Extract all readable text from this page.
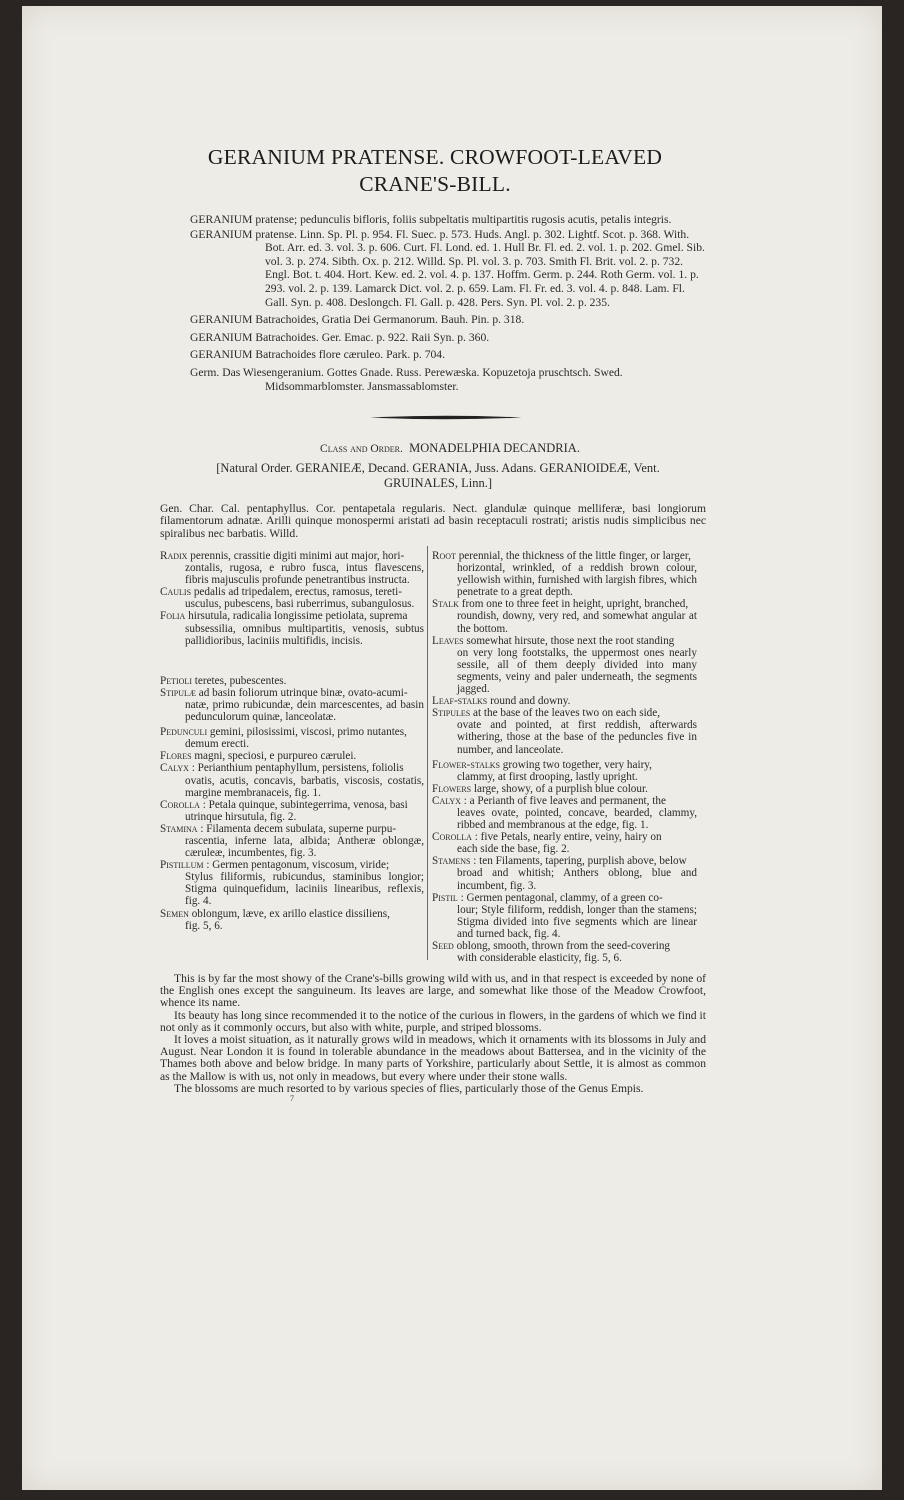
GERANIUM PRATENSE. CROWFOOT-LEAVED
CRANE'S-BILL.
GERANIUM pratense; pedunculis bifloris, foliis subpeltatis multipartitis rugosis acutis, petalis integris.
GERANIUM pratense. Linn. Sp. Pl. p. 954. Fl. Suec. p. 573. Huds. Angl. p. 302. Lightf. Scot. p. 368. With. Bot. Arr. ed. 3. vol. 3. p. 606. Curt. Fl. Lond. ed. 1. Hull Br. Fl. ed. 2. vol. 1. p. 202. Gmel. Sib. vol. 3. p. 274. Sibth. Ox. p. 212. Willd. Sp. Pl. vol. 3. p. 703. Smith Fl. Brit. vol. 2. p. 732. Engl. Bot. t. 404. Hort. Kew. ed. 2. vol. 4. p. 137. Hoffm. Germ. p. 244. Roth Germ. vol. 1. p. 293. vol. 2. p. 139. Lamarck Dict. vol. 2. p. 659. Lam. Fl. Fr. ed. 3. vol. 4. p. 848. Lam. Fl. Gall. Syn. p. 408. Deslongch. Fl. Gall. p. 428. Pers. Syn. Pl. vol. 2. p. 235.
GERANIUM Batrachoides, Gratia Dei Germanorum. Bauh. Pin. p. 318.
GERANIUM Batrachoides. Ger. Emac. p. 922. Raii Syn. p. 360.
GERANIUM Batrachoides flore cæruleo. Park. p. 704.
Germ. Das Wiesengeranium. Gottes Gnade. Russ. Perewæska. Kopuzetoja pruschtsch. Swed. Midsommarblomster. Jansmassablomster.
Class and Order. MONADELPHIA DECANDRIA.
[Natural Order. GERANIEÆ, Decand. GERANIA, Juss. Adans. GERANIOIDEÆ, Vent.
GRUINALES, Linn.]
Gen. Char. Cal. pentaphyllus. Cor. pentapetala regularis. Nect. glandulæ quinque melliferæ, basi longiorum filamentorum adnatæ. Arilli quinque monospermi aristati ad basin receptaculi rostrati; aristis nudis simplicibus nec spiralibus nec barbatis. Willd.
Radix perennis, crassitie digiti minimi aut major, hori-
zontalis, rugosa, e rubro fusca, intus flavescens, fibris majusculis profunde penetrantibus instructa.
Caulis pedalis ad tripedalem, erectus, ramosus, tereti-
usculus, pubescens, basi ruberrimus, subangulosus.
Folia hirsutula, radicalia longissime petiolata, suprema
subsessilia, omnibus multipartitis, venosis, subtus pallidioribus, laciniis multifidis, incisis.
Petioli teretes, pubescentes.
Stipulæ ad basin foliorum utrinque binæ, ovato-acumi-
natæ, primo rubicundæ, dein marcescentes, ad basin pedunculorum quinæ, lanceolatæ.
Pedunculi gemini, pilosissimi, viscosi, primo nutantes,
demum erecti.
Flores magni, speciosi, e purpureo cærulei.
Calyx : Perianthium pentaphyllum, persistens, foliolis
ovatis, acutis, concavis, barbatis, viscosis, costatis, margine membranaceis, fig. 1.
Corolla : Petala quinque, subintegerrima, venosa, basi
utrinque hirsutula, fig. 2.
Stamina : Filamenta decem subulata, superne purpu-
rascentia, inferne lata, albida; Antheræ oblongæ, cæruleæ, incumbentes, fig. 3.
Pistillum : Germen pentagonum, viscosum, viride;
Stylus filiformis, rubicundus, staminibus longior; Stigma quinquefidum, laciniis linearibus, reflexis, fig. 4.
Semen oblongum, læve, ex arillo elastice dissiliens,
fig. 5, 6.
Root perennial, the thickness of the little finger, or larger,
horizontal, wrinkled, of a reddish brown colour, yellowish within, furnished with largish fibres, which penetrate to a great depth.
Stalk from one to three feet in height, upright, branched,
roundish, downy, very red, and somewhat angular at the bottom.
Leaves somewhat hirsute, those next the root standing
on very long footstalks, the uppermost ones nearly sessile, all of them deeply divided into many segments, veiny and paler underneath, the segments jagged.
Leaf-stalks round and downy.
Stipules at the base of the leaves two on each side,
ovate and pointed, at first reddish, afterwards withering, those at the base of the peduncles five in number, and lanceolate.
Flower-stalks growing two together, very hairy,
clammy, at first drooping, lastly upright.
Flowers large, showy, of a purplish blue colour.
Calyx : a Perianth of five leaves and permanent, the
leaves ovate, pointed, concave, bearded, clammy, ribbed and membranous at the edge, fig. 1.
Corolla : five Petals, nearly entire, veiny, hairy on
each side the base, fig. 2.
Stamens : ten Filaments, tapering, purplish above, below
broad and whitish; Anthers oblong, blue and incumbent, fig. 3.
Pistil : Germen pentagonal, clammy, of a green co-
lour; Style filiform, reddish, longer than the stamens; Stigma divided into five segments which are linear and turned back, fig. 4.
Seed oblong, smooth, thrown from the seed-covering
with considerable elasticity, fig. 5, 6.

This is by far the most showy of the Crane's-bills growing wild with us, and in that respect is exceeded by none of the English ones except the sanguineum. Its leaves are large, and somewhat like those of the Meadow Crowfoot, whence its name.

Its beauty has long since recommended it to the notice of the curious in flowers, in the gardens of which we find it not only as it commonly occurs, but also with white, purple, and striped blossoms.

It loves a moist situation, as it naturally grows wild in meadows, which it ornaments with its blossoms in July and August. Near London it is found in tolerable abundance in the meadows about Battersea, and in the vicinity of the Thames both above and below bridge. In many parts of Yorkshire, particularly about Settle, it is almost as common as the Mallow is with us, not only in meadows, but every where under their stone walls.

The blossoms are much resorted to by various species of flies, particularly those of the Genus Empis.

7
